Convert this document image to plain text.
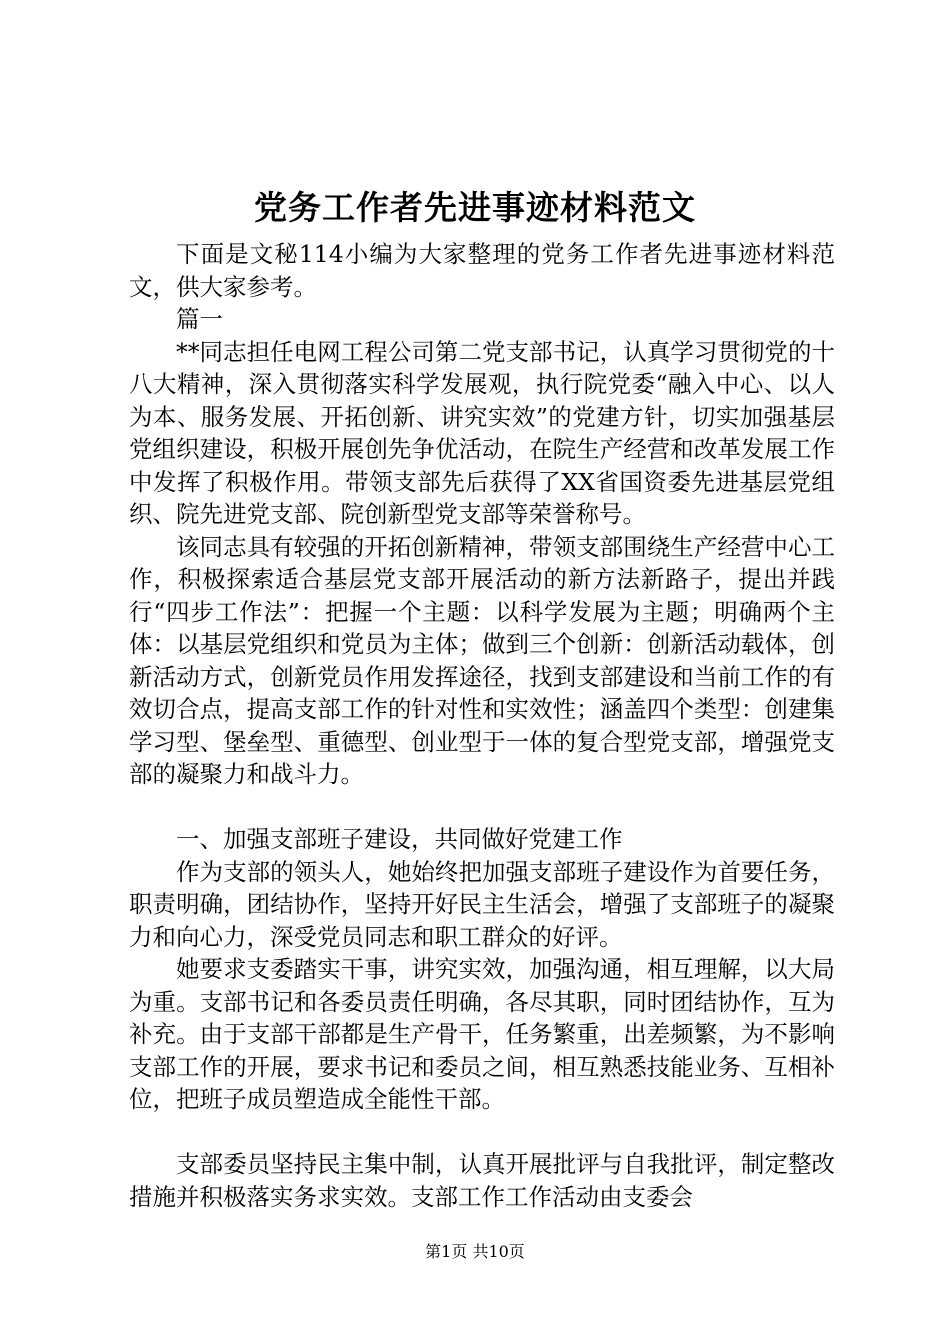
党务工作者先进事迹材料范文

下面是文秘114小编为大家整理的党务工作者先进事迹材料范文，供大家参考。

篇一

**同志担任电网工程公司第二党支部书记，认真学习贯彻党的十八大精神，深入贯彻落实科学发展观，执行院党委“融入中心、以人为本、服务发展、开拓创新、讲究实效”的党建方针，切实加强基层党组织建设，积极开展创先争优活动，在院生产经营和改革发展工作中发挥了积极作用。带领支部先后获得了XX省国资委先进基层党组织、院先进党支部、院创新型党支部等荣誉称号。

该同志具有较强的开拓创新精神，带领支部围绕生产经营中心工作，积极探索适合基层党支部开展活动的新方法新路子，提出并践行“四步工作法”：把握一个主题：以科学发展为主题；明确两个主体：以基层党组织和党员为主体；做到三个创新：创新活动载体，创新活动方式，创新党员作用发挥途径，找到支部建设和当前工作的有效切合点，提高支部工作的针对性和实效性；涵盖四个类型：创建集学习型、堡垒型、重德型、创业型于一体的复合型党支部，增强党支部的凝聚力和战斗力。

一、加强支部班子建设，共同做好党建工作

作为支部的领头人，她始终把加强支部班子建设作为首要任务，职责明确，团结协作，坚持开好民主生活会，增强了支部班子的凝聚力和向心力，深受党员同志和职工群众的好评。

她要求支委踏实干事，讲究实效，加强沟通，相互理解，以大局为重。支部书记和各委员责任明确，各尽其职，同时团结协作，互为补充。由于支部干部都是生产骨干，任务繁重，出差频繁，为不影响支部工作的开展，要求书记和委员之间，相互熟悉技能业务、互相补位，把班子成员塑造成全能性干部。

支部委员坚持民主集中制，认真开展批评与自我批评，制定整改措施并积极落实务求实效。支部工作工作活动由支委会

第1页 共10页
